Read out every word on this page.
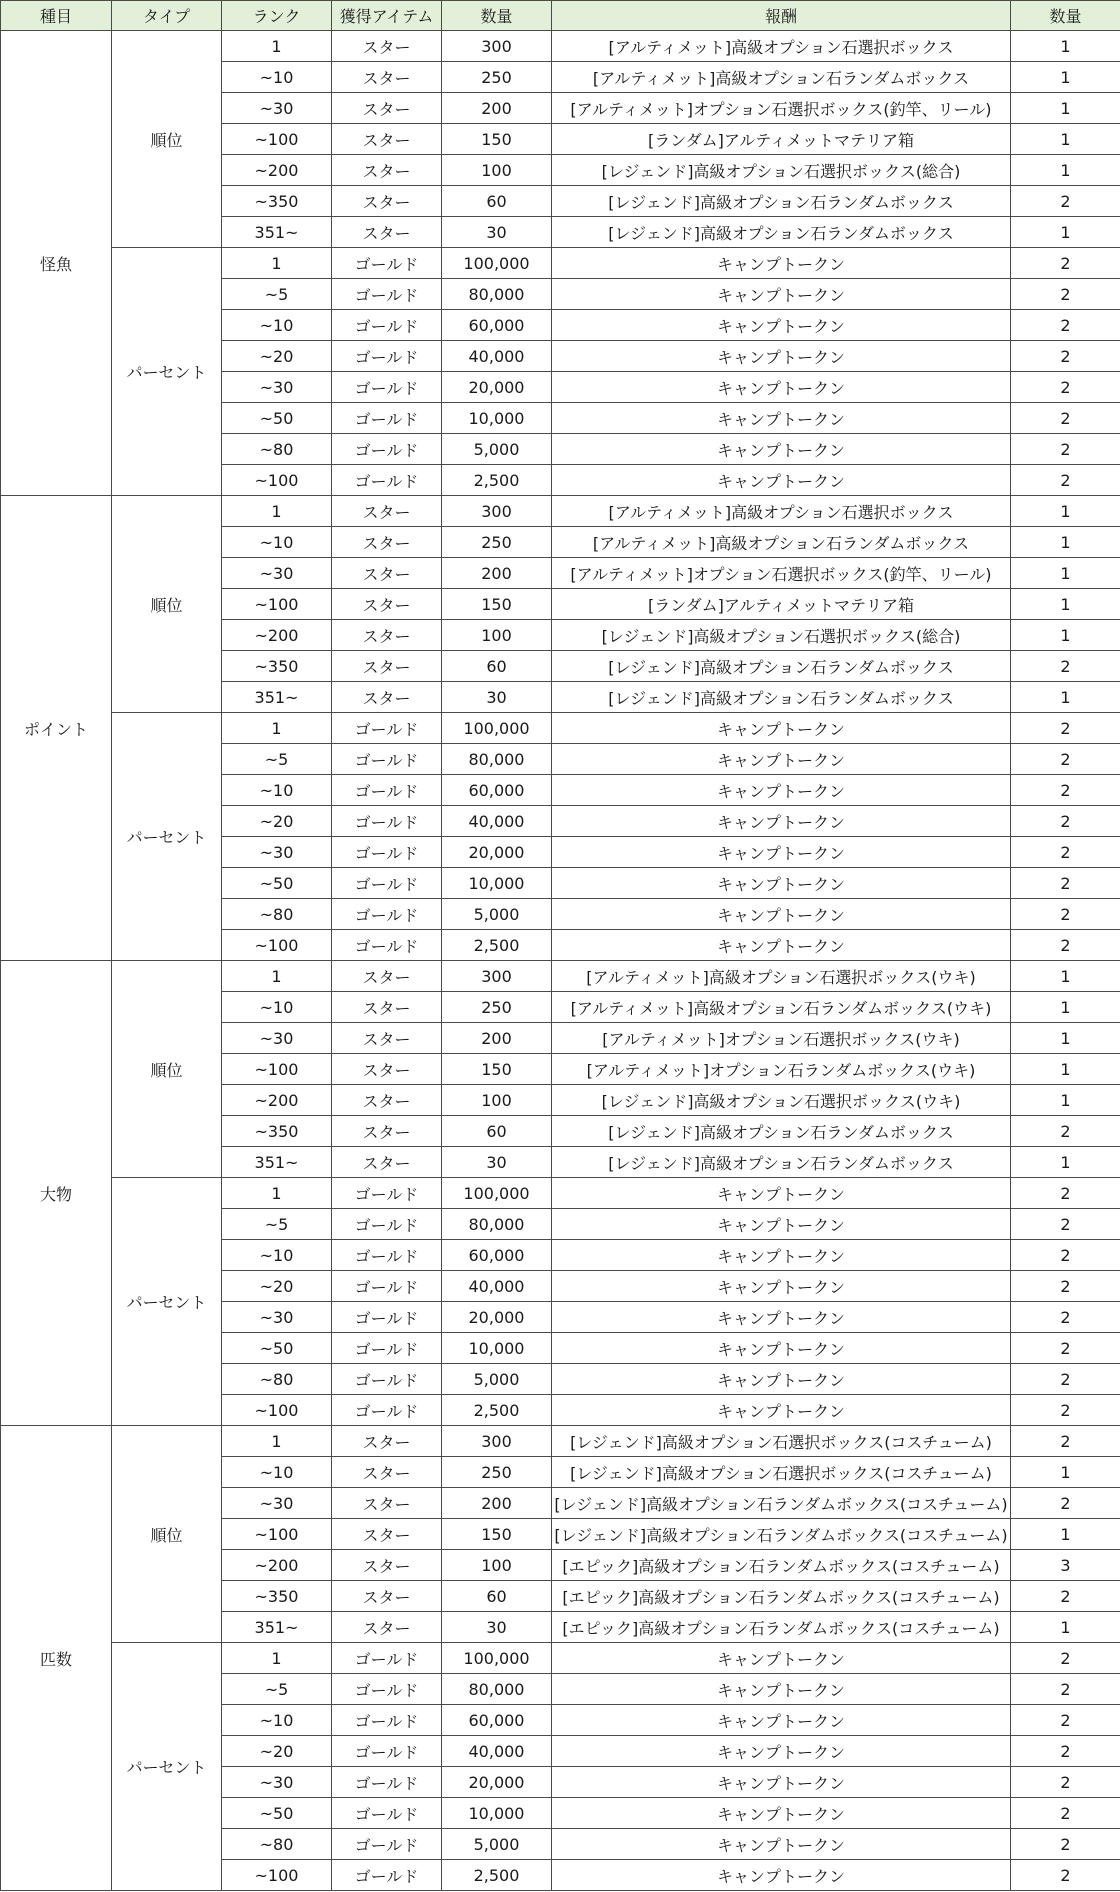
種目	タイプ	ランク	獲得アイテム	数量	報酬	数量
怪魚	順位	1	スター	300	[アルティメット]高級オプション石選択ボックス	1
		~10	スター	250	[アルティメット]高級オプション石ランダムボックス	1
		~30	スター	200	[アルティメット]オプション石選択ボックス(釣竿、リール)	1
		~100	スター	150	[ランダム]アルティメットマテリア箱	1
		~200	スター	100	[レジェンド]高級オプション石選択ボックス(総合)	1
		~350	スター	60	[レジェンド]高級オプション石ランダムボックス	2
		351~	スター	30	[レジェンド]高級オプション石ランダムボックス	1
	パーセント	1	ゴールド	100,000	キャンプトークン	2
		~5	ゴールド	80,000	キャンプトークン	2
		~10	ゴールド	60,000	キャンプトークン	2
		~20	ゴールド	40,000	キャンプトークン	2
		~30	ゴールド	20,000	キャンプトークン	2
		~50	ゴールド	10,000	キャンプトークン	2
		~80	ゴールド	5,000	キャンプトークン	2
		~100	ゴールド	2,500	キャンプトークン	2
ポイント	順位	1	スター	300	[アルティメット]高級オプション石選択ボックス	1
		~10	スター	250	[アルティメット]高級オプション石ランダムボックス	1
		~30	スター	200	[アルティメット]オプション石選択ボックス(釣竿、リール)	1
		~100	スター	150	[ランダム]アルティメットマテリア箱	1
		~200	スター	100	[レジェンド]高級オプション石選択ボックス(総合)	1
		~350	スター	60	[レジェンド]高級オプション石ランダムボックス	2
		351~	スター	30	[レジェンド]高級オプション石ランダムボックス	1
	パーセント	1	ゴールド	100,000	キャンプトークン	2
		~5	ゴールド	80,000	キャンプトークン	2
		~10	ゴールド	60,000	キャンプトークン	2
		~20	ゴールド	40,000	キャンプトークン	2
		~30	ゴールド	20,000	キャンプトークン	2
		~50	ゴールド	10,000	キャンプトークン	2
		~80	ゴールド	5,000	キャンプトークン	2
		~100	ゴールド	2,500	キャンプトークン	2
大物	順位	1	スター	300	[アルティメット]高級オプション石選択ボックス(ウキ)	1
		~10	スター	250	[アルティメット]高級オプション石ランダムボックス(ウキ)	1
		~30	スター	200	[アルティメット]オプション石選択ボックス(ウキ)	1
		~100	スター	150	[アルティメット]オプション石ランダムボックス(ウキ)	1
		~200	スター	100	[レジェンド]高級オプション石選択ボックス(ウキ)	1
		~350	スター	60	[レジェンド]高級オプション石ランダムボックス	2
		351~	スター	30	[レジェンド]高級オプション石ランダムボックス	1
	パーセント	1	ゴールド	100,000	キャンプトークン	2
		~5	ゴールド	80,000	キャンプトークン	2
		~10	ゴールド	60,000	キャンプトークン	2
		~20	ゴールド	40,000	キャンプトークン	2
		~30	ゴールド	20,000	キャンプトークン	2
		~50	ゴールド	10,000	キャンプトークン	2
		~80	ゴールド	5,000	キャンプトークン	2
		~100	ゴールド	2,500	キャンプトークン	2
匹数	順位	1	スター	300	[レジェンド]高級オプション石選択ボックス(コスチューム)	2
		~10	スター	250	[レジェンド]高級オプション石選択ボックス(コスチューム)	1
		~30	スター	200	[レジェンド]高級オプション石ランダムボックス(コスチューム)	2
		~100	スター	150	[レジェンド]高級オプション石ランダムボックス(コスチューム)	1
		~200	スター	100	[エピック]高級オプション石ランダムボックス(コスチューム)	3
		~350	スター	60	[エピック]高級オプション石ランダムボックス(コスチューム)	2
		351~	スター	30	[エピック]高級オプション石ランダムボックス(コスチューム)	1
	パーセント	1	ゴールド	100,000	キャンプトークン	2
		~5	ゴールド	80,000	キャンプトークン	2
		~10	ゴールド	60,000	キャンプトークン	2
		~20	ゴールド	40,000	キャンプトークン	2
		~30	ゴールド	20,000	キャンプトークン	2
		~50	ゴールド	10,000	キャンプトークン	2
		~80	ゴールド	5,000	キャンプトークン	2
		~100	ゴールド	2,500	キャンプトークン	2
